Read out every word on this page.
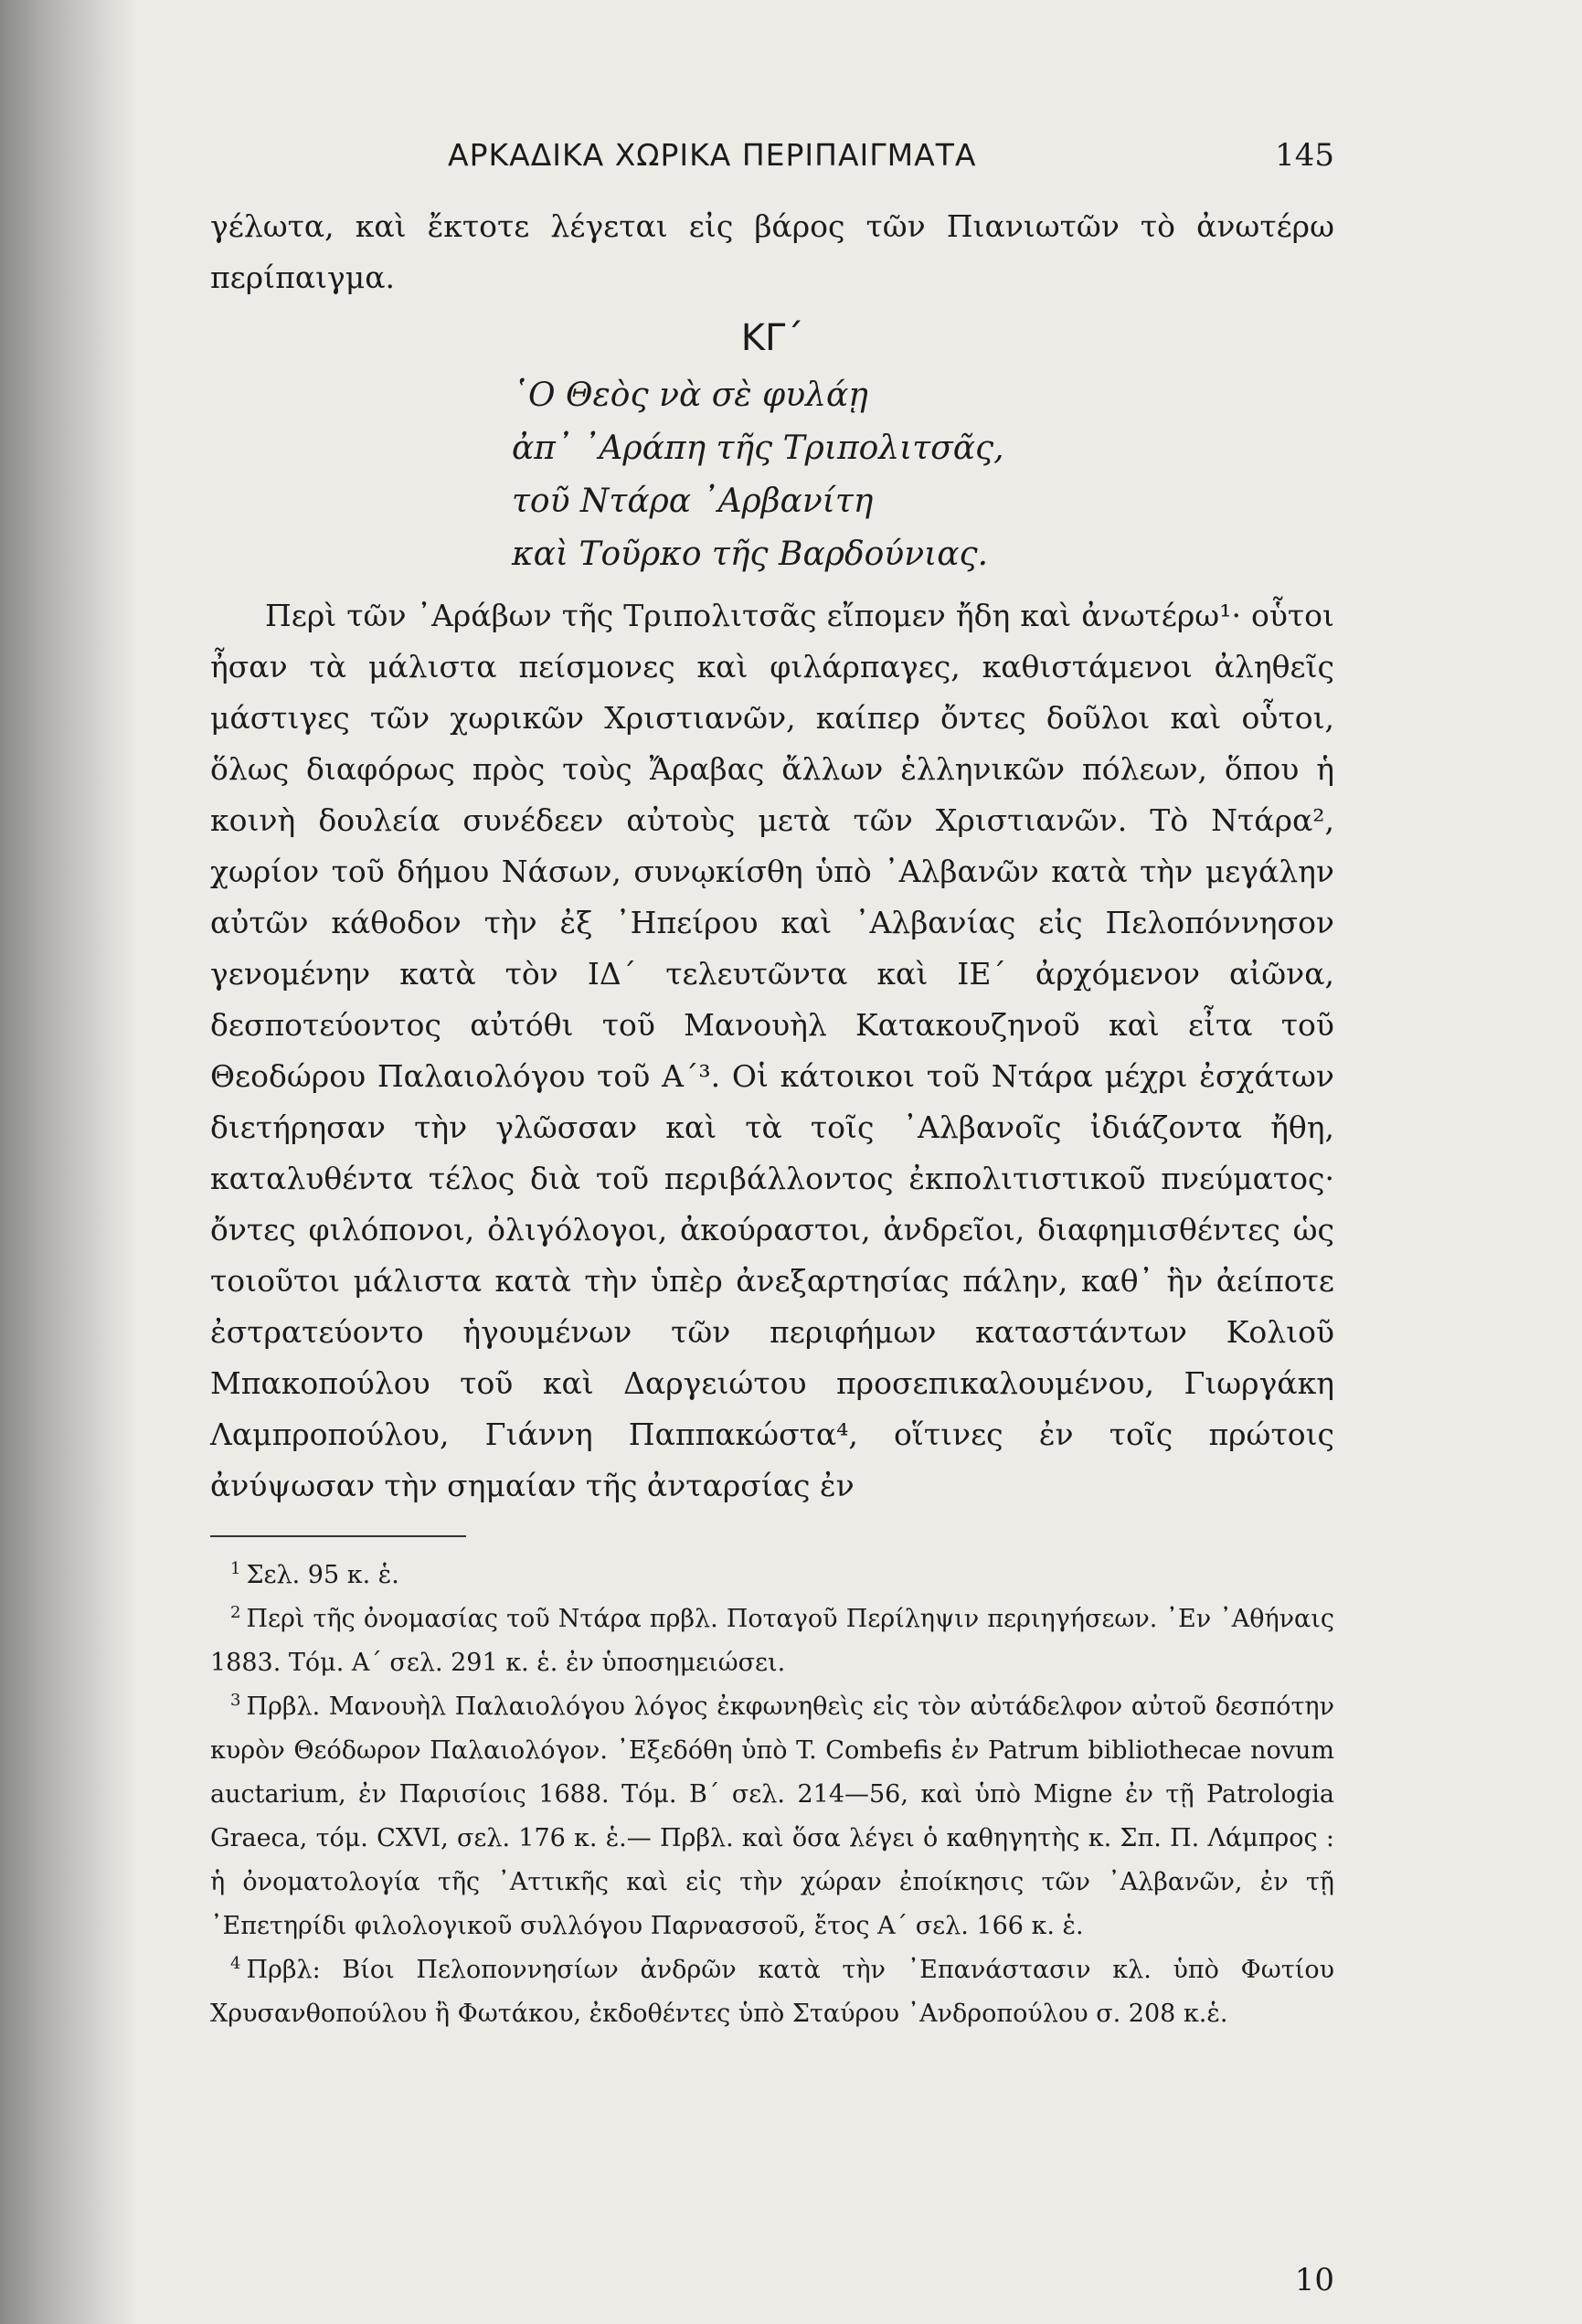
ΑΡΚΑΔΙΚΑ ΧΩΡΙΚΑ ΠΕΡΙΠΑΙΓΜΑΤΑ	145

γέλωτα, καὶ ἔκτοτε λέγεται εἰς βάρος τῶν Πιανιωτῶν τὸ ἀνωτέρω περίπαιγμα.

ΚΓ΄
῾Ο Θεὸς νὰ σὲ φυλάῃ
ἀπ᾿ ᾿Αράπη τῆς Τριπολιτσᾶς,
τοῦ Ντάρα ᾿Αρβανίτη
καὶ Τοῦρκο τῆς Βαρδούνιας.

Περὶ τῶν ᾿Αράβων τῆς Τριπολιτσᾶς εἴπομεν ἤδη καὶ ἀνωτέρω¹· οὗτοι ἦσαν τὰ μάλιστα πείσμονες καὶ φιλάρπαγες, καθιστάμενοι ἀληθεῖς μάστιγες τῶν χωρικῶν Χριστιανῶν, καίπερ ὄντες δοῦλοι καὶ οὗτοι, ὅλως διαφόρως πρὸς τοὺς Ἄραβας ἄλλων ἑλληνικῶν πόλεων, ὅπου ἡ κοινὴ δουλεία συνέδεεν αὐτοὺς μετὰ τῶν Χριστιανῶν. Τὸ Ντάρα², χωρίον τοῦ δήμου Νάσων, συνῳκίσθη ὑπὸ ᾿Αλβανῶν κατὰ τὴν μεγάλην αὐτῶν κάθοδον τὴν ἐξ ᾿Ηπείρου καὶ ᾿Αλβανίας εἰς Πελοπόννησον γενομένην κατὰ τὸν ΙΔ΄ τελευτῶντα καὶ ΙΕ΄ ἀρχόμενον αἰῶνα, δεσποτεύοντος αὐτόθι τοῦ Μανουὴλ Κατακουζηνοῦ καὶ εἶτα τοῦ Θεοδώρου Παλαιολόγου τοῦ Α΄³. Οἱ κάτοικοι τοῦ Ντάρα μέχρι ἐσχάτων διετήρησαν τὴν γλῶσσαν καὶ τὰ τοῖς ᾿Αλβανοῖς ἰδιάζοντα ἤθη, καταλυθέντα τέλος διὰ τοῦ περιβάλλοντος ἐκπολιτιστικοῦ πνεύματος· ὄντες φιλόπονοι, ὀλιγόλογοι, ἀκούραστοι, ἀνδρεῖοι, διαφημισθέντες ὡς τοιοῦτοι μάλιστα κατὰ τὴν ὑπὲρ ἀνεξαρτησίας πάλην, καθ᾿ ἣν ἀείποτε ἐστρατεύοντο ἡγουμένων τῶν περιφήμων καταστάντων Κολιοῦ Μπακοπούλου τοῦ καὶ Δαργειώτου προσεπικαλουμένου, Γιωργάκη Λαμπροπούλου, Γιάννη Παππακώστα⁴, οἵτινες ἐν τοῖς πρώτοις ἀνύψωσαν τὴν σημαίαν τῆς ἀνταρσίας ἐν

$^1$ Σελ. 95 κ. ἑ.

$^2$ Περὶ τῆς ὀνομασίας τοῦ Ντάρα πρβλ. Ποταγοῦ Περίληψιν περιηγήσεων. ᾿Εν ᾿Αθήναις 1883. Τόμ. Α΄ σελ. 291 κ. ἑ. ἐν ὑποσημειώσει.

$^3$ Πρβλ. Μανουὴλ Παλαιολόγου λόγος ἐκφωνηθεὶς εἰς τὸν αὐτάδελφον αὐτοῦ δεσπότην κυρὸν Θεόδωρον Παλαιολόγον. ᾿Εξεδόθη ὑπὸ T. Combefis ἐν Patrum bibliothecae novum auctarium, ἐν Παρισίοις 1688. Τόμ. Β΄ σελ. 214—56, καὶ ὑπὸ Migne ἐν τῇ Patrologia Graeca, τόμ. CXVI, σελ. 176 κ. ἑ.— Πρβλ. καὶ ὅσα λέγει ὁ καθηγητὴς κ. Σπ. Π. Λάμπρος : ἡ ὀνοματολογία τῆς ᾿Αττικῆς καὶ εἰς τὴν χώραν ἐποίκησις τῶν ᾿Αλβανῶν, ἐν τῇ ᾿Επετηρίδι φιλολογικοῦ συλλόγου Παρνασσοῦ, ἔτος Α΄ σελ. 166 κ. ἑ.

$^4$ Πρβλ: Βίοι Πελοποννησίων ἀνδρῶν κατὰ τὴν ᾿Επανάστασιν κλ. ὑπὸ Φωτίου Χρυσανθοπούλου ἢ Φωτάκου, ἐκδοθέντες ὑπὸ Σταύρου ᾿Ανδροπούλου σ. 208 κ.ἑ.

10
